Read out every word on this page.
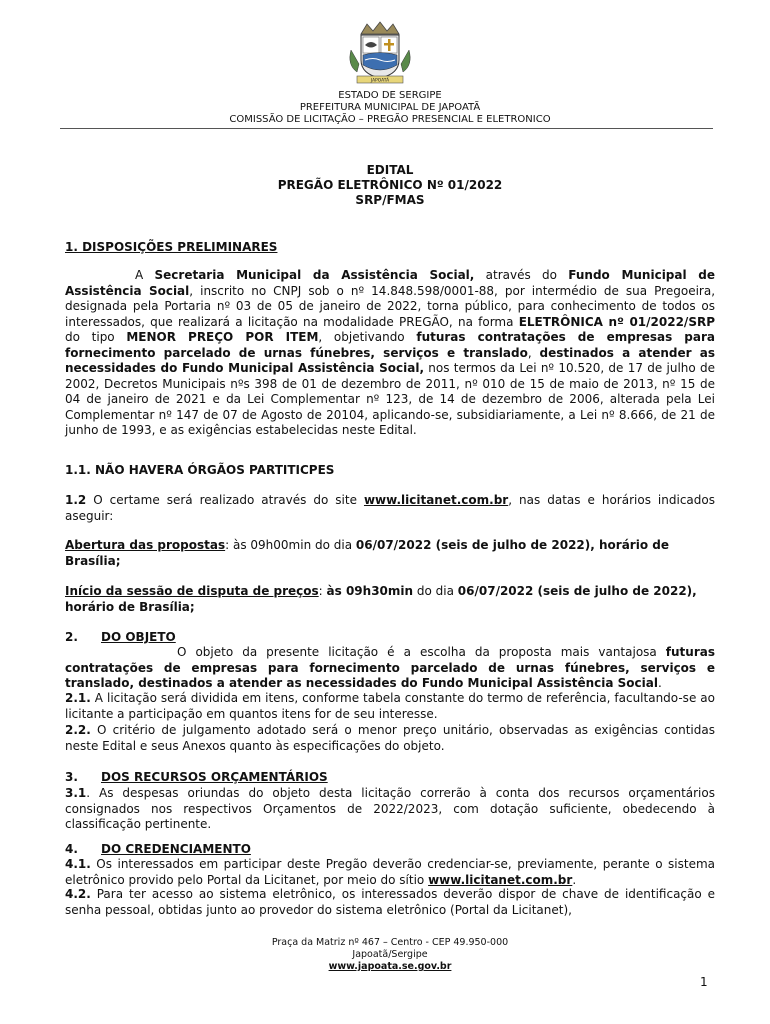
JAPOATÃ
ESTADO DE SERGIPE
PREFEITURA MUNICIPAL DE JAPOATÃ
COMISSÃO DE LICITAÇÃO – PREGÃO PRESENCIAL E ELETRONICO
EDITAL
PREGÃO ELETRÔNICO Nº 01/2022
SRP/FMAS
1. DISPOSIÇÕES PRELIMINARES
A Secretaria Municipal da Assistência Social, através do Fundo Municipal de Assistência Social, inscrito no CNPJ sob o nº 14.848.598/0001-88, por intermédio de sua Pregoeira, designada pela Portaria nº 03 de 05 de janeiro de 2022, torna público, para conhecimento de todos os interessados, que realizará a licitação na modalidade PREGÃO, na forma ELETRÔNICA nº 01/2022/SRP do tipo MENOR PREÇO POR ITEM, objetivando futuras contratações de empresas para fornecimento parcelado de urnas fúnebres, serviços e translado, destinados a atender as necessidades do Fundo Municipal Assistência Social, nos termos da Lei nº 10.520, de 17 de julho de 2002, Decretos Municipais nºs 398 de 01 de dezembro de 2011, nº 010 de 15 de maio de 2013, nº 15 de 04 de janeiro de 2021 e da Lei Complementar nº 123, de 14 de dezembro de 2006, alterada pela Lei Complementar nº 147 de 07 de Agosto de 20104, aplicando-se, subsidiariamente, a Lei nº 8.666, de 21 de junho de 1993, e as exigências estabelecidas neste Edital.
1.1. NÃO HAVERA ÓRGÃOS PARTITICPES
1.2 O certame será realizado através do site www.licitanet.com.br, nas datas e horários indicados aseguir:
Abertura das propostas: às 09h00min do dia 06/07/2022 (seis de julho de 2022), horário de Brasília;
Início da sessão de disputa de preços: às 09h30min do dia 06/07/2022 (seis de julho de 2022), horário de Brasília;
2. DO OBJETO
O objeto da presente licitação é a escolha da proposta mais vantajosa futuras contratações de empresas para fornecimento parcelado de urnas fúnebres, serviços e translado, destinados a atender as necessidades do Fundo Municipal Assistência Social.
2.1. A licitação será dividida em itens, conforme tabela constante do termo de referência, facultando-se ao licitante a participação em quantos itens for de seu interesse.
2.2. O critério de julgamento adotado será o menor preço unitário, observadas as exigências contidas neste Edital e seus Anexos quanto às especificações do objeto.
3. DOS RECURSOS ORÇAMENTÁRIOS
3.1. As despesas oriundas do objeto desta licitação correrão à conta dos recursos orçamentários consignados nos respectivos Orçamentos de 2022/2023, com dotação suficiente, obedecendo à classificação pertinente.
4. DO CREDENCIAMENTO
4.1. Os interessados em participar deste Pregão deverão credenciar-se, previamente, perante o sistema eletrônico provido pelo Portal da Licitanet, por meio do sítio www.licitanet.com.br.
4.2. Para ter acesso ao sistema eletrônico, os interessados deverão dispor de chave de identificação e senha pessoal, obtidas junto ao provedor do sistema eletrônico (Portal da Licitanet),
Praça da Matriz nº 467 – Centro - CEP 49.950-000
Japoatã/Sergipe
www.japoata.se.gov.br
1
